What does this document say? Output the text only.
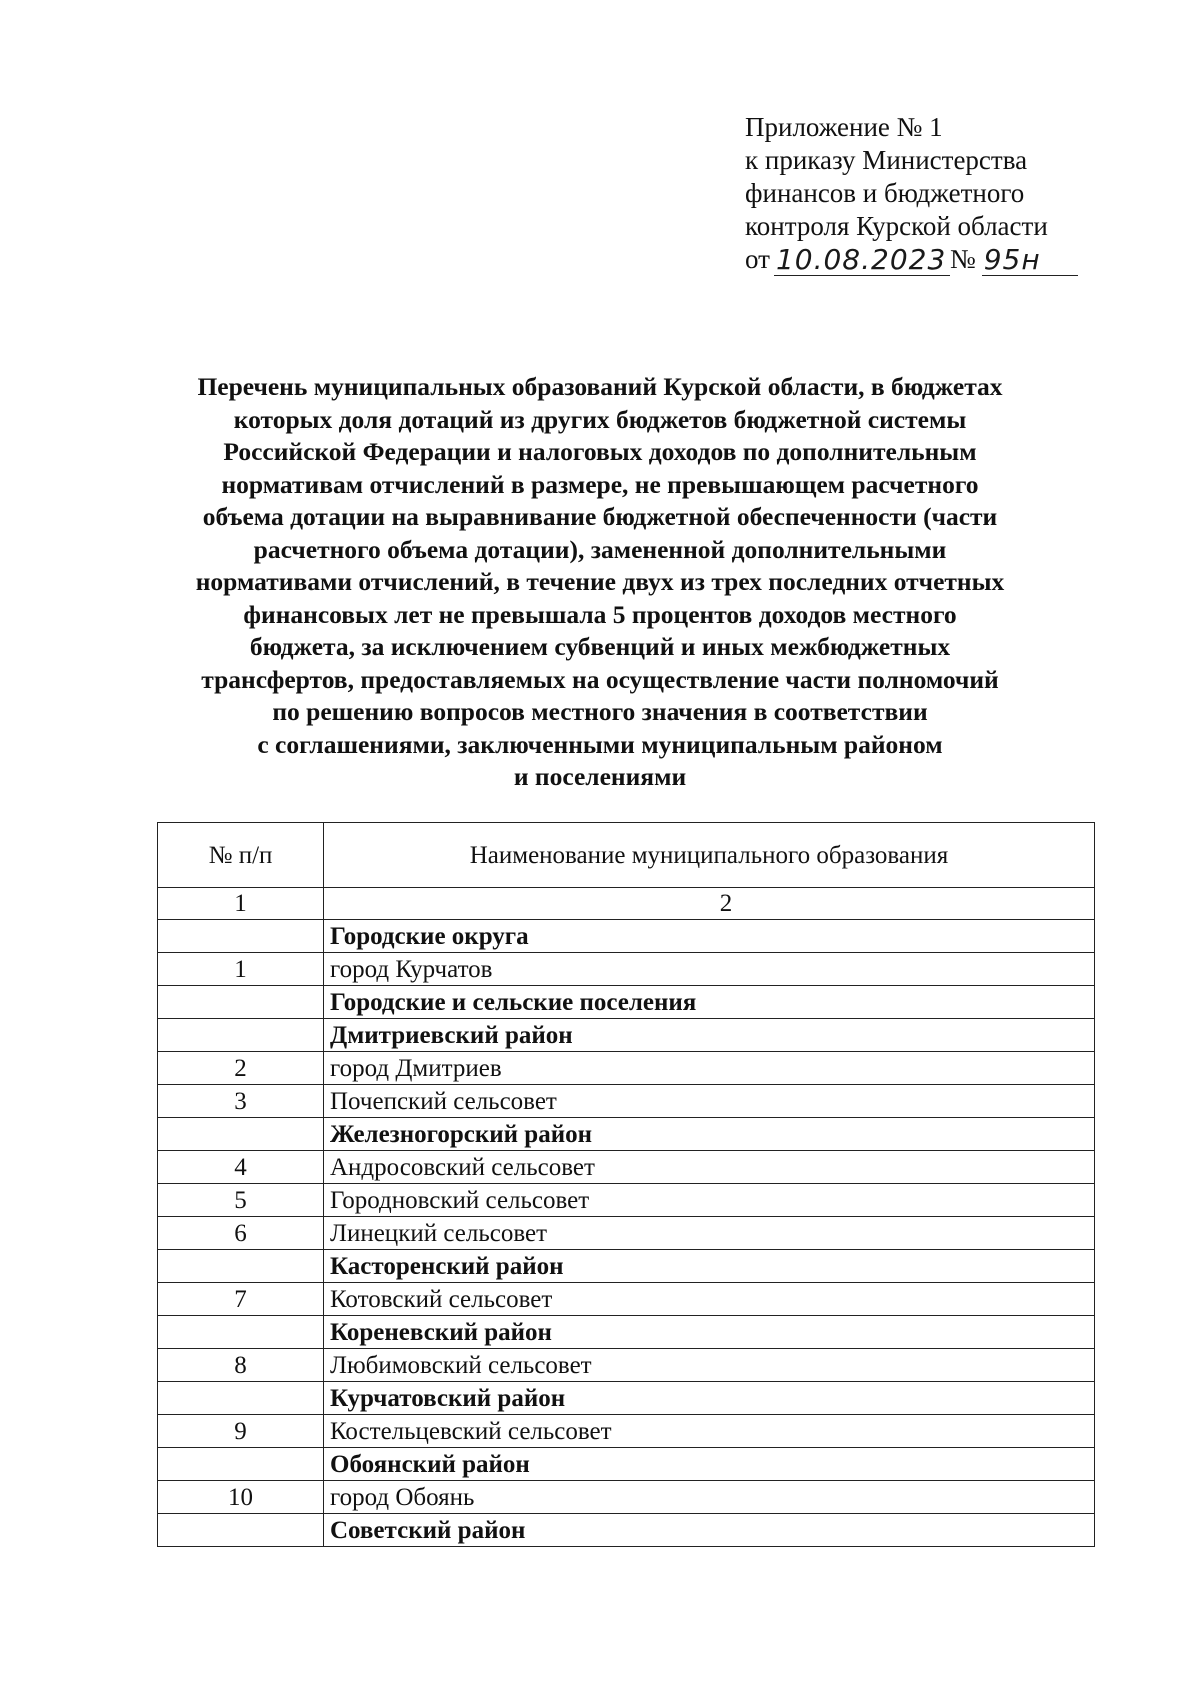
Приложение № 1
к приказу Министерства
финансов и бюджетного
контроля Курской области
от 10.08.2023 № 95н
Перечень муниципальных образований Курской области, в бюджетах
которых доля дотаций из других бюджетов бюджетной системы
Российской Федерации и налоговых доходов по дополнительным
нормативам отчислений в размере, не превышающем расчетного
объема дотации на выравнивание бюджетной обеспеченности (части
расчетного объема дотации), замененной дополнительными
нормативами отчислений, в течение двух из трех последних отчетных
финансовых лет не превышала 5 процентов доходов местного
бюджета, за исключением субвенций и иных межбюджетных
трансфертов, предоставляемых на осуществление части полномочий
по решению вопросов местного значения в соответствии
с соглашениями, заключенными муниципальным районом
и поселениями
№ п/п	Наименование муниципального образования
1	2
	Городские округа
1	город Курчатов
	Городские и сельские поселения
	Дмитриевский район
2	город Дмитриев
3	Почепский сельсовет
	Железногорский район
4	Андросовский сельсовет
5	Городновский сельсовет
6	Линецкий сельсовет
	Касторенский район
7	Котовский сельсовет
	Кореневский район
8	Любимовский сельсовет
	Курчатовский район
9	Костельцевский сельсовет
	Обоянский район
10	город Обоянь
	Советский район
